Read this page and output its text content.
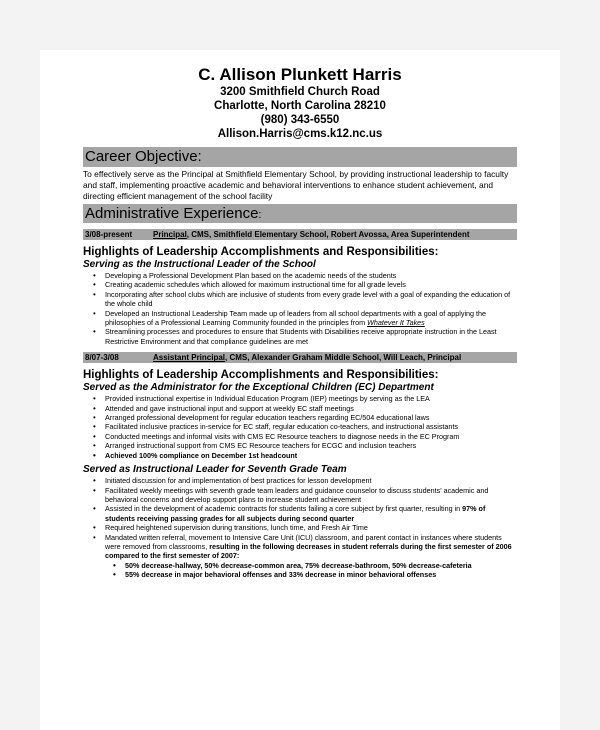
C. Allison Plunkett Harris
3200 Smithfield Church Road
Charlotte, North Carolina 28210
(980) 343-6550
Allison.Harris@cms.k12.nc.us
Career Objective:
To effectively serve as the Principal at Smithfield Elementary School, by providing instructional leadership to faculty and staff, implementing proactive academic and behavioral interventions to enhance student achievement, and directing efficient management of the school facility
Administrative Experience:
3/08-present	Principal, CMS, Smithfield Elementary School, Robert Avossa, Area Superintendent
Highlights of Leadership Accomplishments and Responsibilities:
Serving as the Instructional Leader of the School
• Developing a Professional Development Plan based on the academic needs of the students
• Creating academic schedules which allowed for maximum instructional time for all grade levels
• Incorporating after school clubs which are inclusive of students from every grade level with a goal of expanding the education of the whole child
• Developed an Instructional Leadership Team made up of leaders from all school departments with a goal of applying the philosophies of a Professional Learning Community founded in the principles from Whatever It Takes
• Streamlining processes and procedures to ensure that Students with Disabilities receive appropriate instruction in the Least Restrictive Environment and that compliance guidelines are met
8/07-3/08	Assistant Principal, CMS, Alexander Graham Middle School, Will Leach, Principal
Highlights of Leadership Accomplishments and Responsibilities:
Served as the Administrator for the Exceptional Children (EC) Department
• Provided instructional expertise in Individual Education Program (IEP) meetings by serving as the LEA
• Attended and gave instructional input and support at weekly EC staff meetings
• Arranged professional development for regular education teachers regarding EC/504 educational laws
• Facilitated inclusive practices in-service for EC staff, regular education co-teachers, and instructional assistants
• Conducted meetings and informal visits with CMS EC Resource teachers to diagnose needs in the EC Program
• Arranged instructional support from CMS EC Resource teachers for ECGC and inclusion teachers
• Achieved 100% compliance on December 1st headcount
Served as Instructional Leader for Seventh Grade Team
• Initiated discussion for and implementation of best practices for lesson development
• Facilitated weekly meetings with seventh grade team leaders and guidance counselor to discuss students' academic and behavioral concerns and develop support plans to increase student achievement
• Assisted in the development of academic contracts for students failing a core subject by first quarter, resulting in 97% of students receiving passing grades for all subjects during second quarter
• Required heightened supervision during transitions, lunch time, and Fresh Air Time
• Mandated written referral, movement to Intensive Care Unit (ICU) classroom, and parent contact in instances where students were removed from classrooms, resulting in the following decreases in student referrals during the first semester of 2006 compared to the first semester of 2007:
• 50% decrease-hallway, 50% decrease-common area, 75% decrease-bathroom, 50% decrease-cafeteria
• 55% decrease in major behavioral offenses and 33% decrease in minor behavioral offenses
